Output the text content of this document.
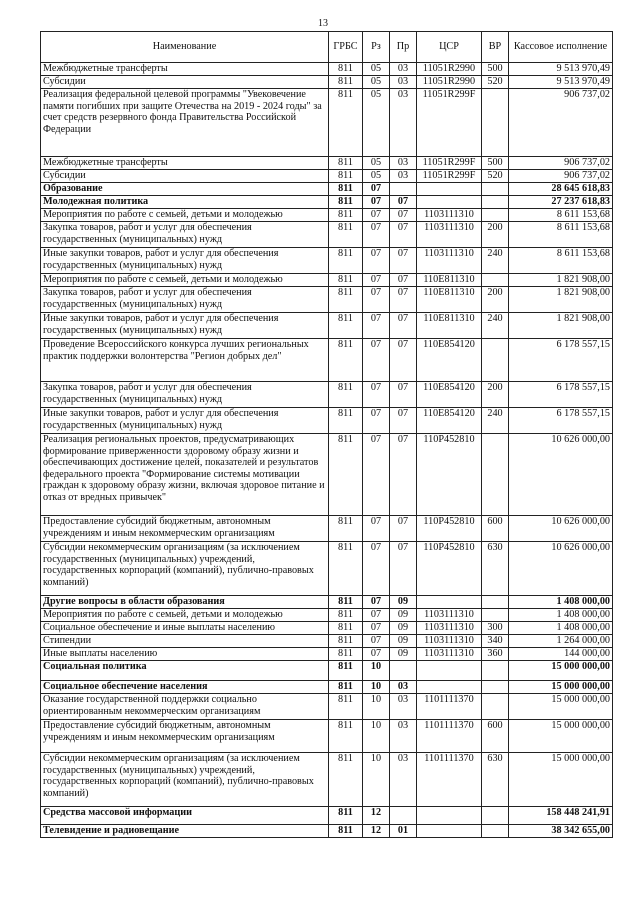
13
Наименование	ГРБС	Рз	Пр	ЦСР	ВР	Кассовое исполнение
Межбюджетные трансферты	811	05	03	11051R2990	500	9 513 970,49
Субсидии	811	05	03	11051R2990	520	9 513 970,49
Реализация федеральной целевой программы "Увековечение памяти погибших при защите Отечества на 2019 - 2024 годы" за счет средств резервного фонда Правительства Российской Федерации	811	05	03	11051R299F		906 737,02
Межбюджетные трансферты	811	05	03	11051R299F	500	906 737,02
Субсидии	811	05	03	11051R299F	520	906 737,02
Образование	811	07				28 645 618,83
Молодежная политика	811	07	07			27 237 618,83
Мероприятия по работе с семьей, детьми и молодежью	811	07	07	1103111310		8 611 153,68
Закупка товаров, работ и услуг для обеспечения государственных (муниципальных) нужд	811	07	07	1103111310	200	8 611 153,68
Иные закупки товаров, работ и услуг для обеспечения государственных (муниципальных) нужд	811	07	07	1103111310	240	8 611 153,68
Мероприятия по работе с семьей, детьми и молодежью	811	07	07	110E811310		1 821 908,00
Закупка товаров, работ и услуг для обеспечения государственных (муниципальных) нужд	811	07	07	110E811310	200	1 821 908,00
Иные закупки товаров, работ и услуг для обеспечения государственных (муниципальных) нужд	811	07	07	110E811310	240	1 821 908,00
Проведение Всероссийского конкурса лучших региональных практик поддержки волонтерства "Регион добрых дел"	811	07	07	110E854120		6 178 557,15
Закупка товаров, работ и услуг для обеспечения государственных (муниципальных) нужд	811	07	07	110E854120	200	6 178 557,15
Иные закупки товаров, работ и услуг для обеспечения государственных (муниципальных) нужд	811	07	07	110E854120	240	6 178 557,15
Реализация региональных проектов, предусматривающих формирование приверженности здоровому образу жизни и обеспечивающих достижение целей, показателей и результатов федерального проекта "Формирование системы мотивации граждан к здоровому образу жизни, включая здоровое питание и отказ от вредных привычек"	811	07	07	110P452810		10 626 000,00
Предоставление субсидий бюджетным, автономным учреждениям и иным некоммерческим организациям	811	07	07	110P452810	600	10 626 000,00
Субсидии некоммерческим организациям (за исключением государственных (муниципальных) учреждений, государственных корпораций (компаний), публично-правовых компаний)	811	07	07	110P452810	630	10 626 000,00
Другие вопросы в области образования	811	07	09			1 408 000,00
Мероприятия по работе с семьей, детьми и молодежью	811	07	09	1103111310		1 408 000,00
Социальное обеспечение и иные выплаты населению	811	07	09	1103111310	300	1 408 000,00
Стипендии	811	07	09	1103111310	340	1 264 000,00
Иные выплаты населению	811	07	09	1103111310	360	144 000,00
Социальная политика	811	10				15 000 000,00
Социальное обеспечение населения	811	10	03			15 000 000,00
Оказание государственной поддержки социально ориентированным некоммерческим организациям	811	10	03	1101111370		15 000 000,00
Предоставление субсидий бюджетным, автономным учреждениям и иным некоммерческим организациям	811	10	03	1101111370	600	15 000 000,00
Субсидии некоммерческим организациям (за исключением государственных (муниципальных) учреждений, государственных корпораций (компаний), публично-правовых компаний)	811	10	03	1101111370	630	15 000 000,00
Средства массовой информации	811	12				158 448 241,91
Телевидение и радиовещание	811	12	01			38 342 655,00
